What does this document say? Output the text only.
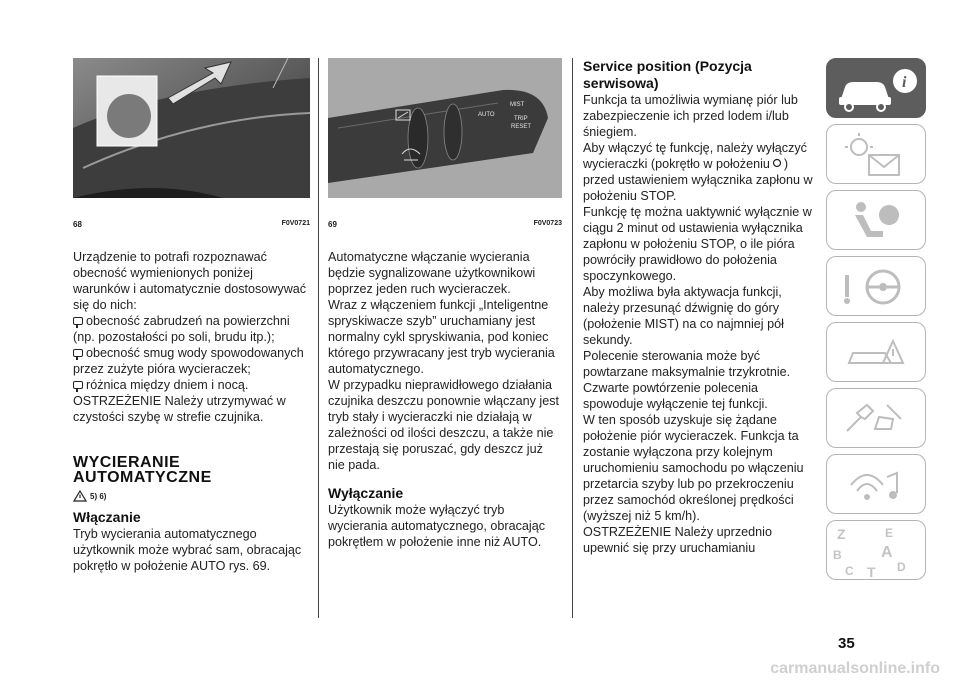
68	F0V0721

Urządzenie to potrafi rozpoznawać obecność wymienionych poniżej warunków i automatycznie dostosowywać się do nich:

obecność zabrudzeń na powierzchni (np. pozostałości po soli, brudu itp.);

obecność smug wody spowodowanych przez zużyte pióra wycieraczek;

różnica między dniem i nocą.

OSTRZEŻENIE Należy utrzymywać w czystości szybę w strefie czujnika.

WYCIERANIE
AUTOMATYCZNE
5) 6)
Włączanie

Tryb wycierania automatycznego użytkownik może wybrać sam, obracając pokrętło w położenie AUTO rys. 69.

AUTO
MIST
TRIP
RESET
69	F0V0723

Automatyczne włączanie wycierania będzie sygnalizowane użytkownikowi poprzez jeden ruch wycieraczek.

Wraz z włączeniem funkcji „Inteligentne spryskiwacze szyb” uruchamiany jest normalny cykl spryskiwania, pod koniec którego przywracany jest tryb wycierania automatycznego.

W przypadku nieprawidłowego działania czujnika deszczu ponownie włączany jest tryb stały i wycieraczki nie działają w zależności od ilości deszczu, a także nie przestają się poruszać, gdy deszcz już nie pada.

Wyłączanie

Użytkownik może wyłączyć tryb wycierania automatycznego, obracając pokrętłem w położenie inne niż AUTO.

Service position (Pozycja
serwisowa)

Funkcja ta umożliwia wymianę piór lub zabezpieczenie ich przed lodem i/lub śniegiem.

Aby włączyć tę funkcję, należy wyłączyć wycieraczki (pokrętło w położeniu ) przed ustawieniem wyłącznika zapłonu w położeniu STOP.

Funkcję tę można uaktywnić wyłącznie w ciągu 2 minut od ustawienia wyłącznika zapłonu w położeniu STOP, o ile pióra powróciły prawidłowo do położenia spoczynkowego.

Aby możliwa była aktywacja funkcji, należy przesunąć dźwignię do góry (położenie MIST) na co najmniej pół sekundy.

Polecenie sterowania może być powtarzane maksymalnie trzykrotnie.

Czwarte powtórzenie polecenia spowoduje wyłączenie tej funkcji.

W ten sposób uzyskuje się żądane położenie piór wycieraczek. Funkcja ta zostanie wyłączona przy kolejnym uruchomieniu samochodu po włączeniu przetarcia szyby lub po przekroczeniu przez samochód określonej prędkości (wyższej niż 5 km/h).

OSTRZEŻENIE Należy uprzednio upewnić się przy uruchamianiu

i
Z	E
B A
C T D
35
carmanualsonline.info
